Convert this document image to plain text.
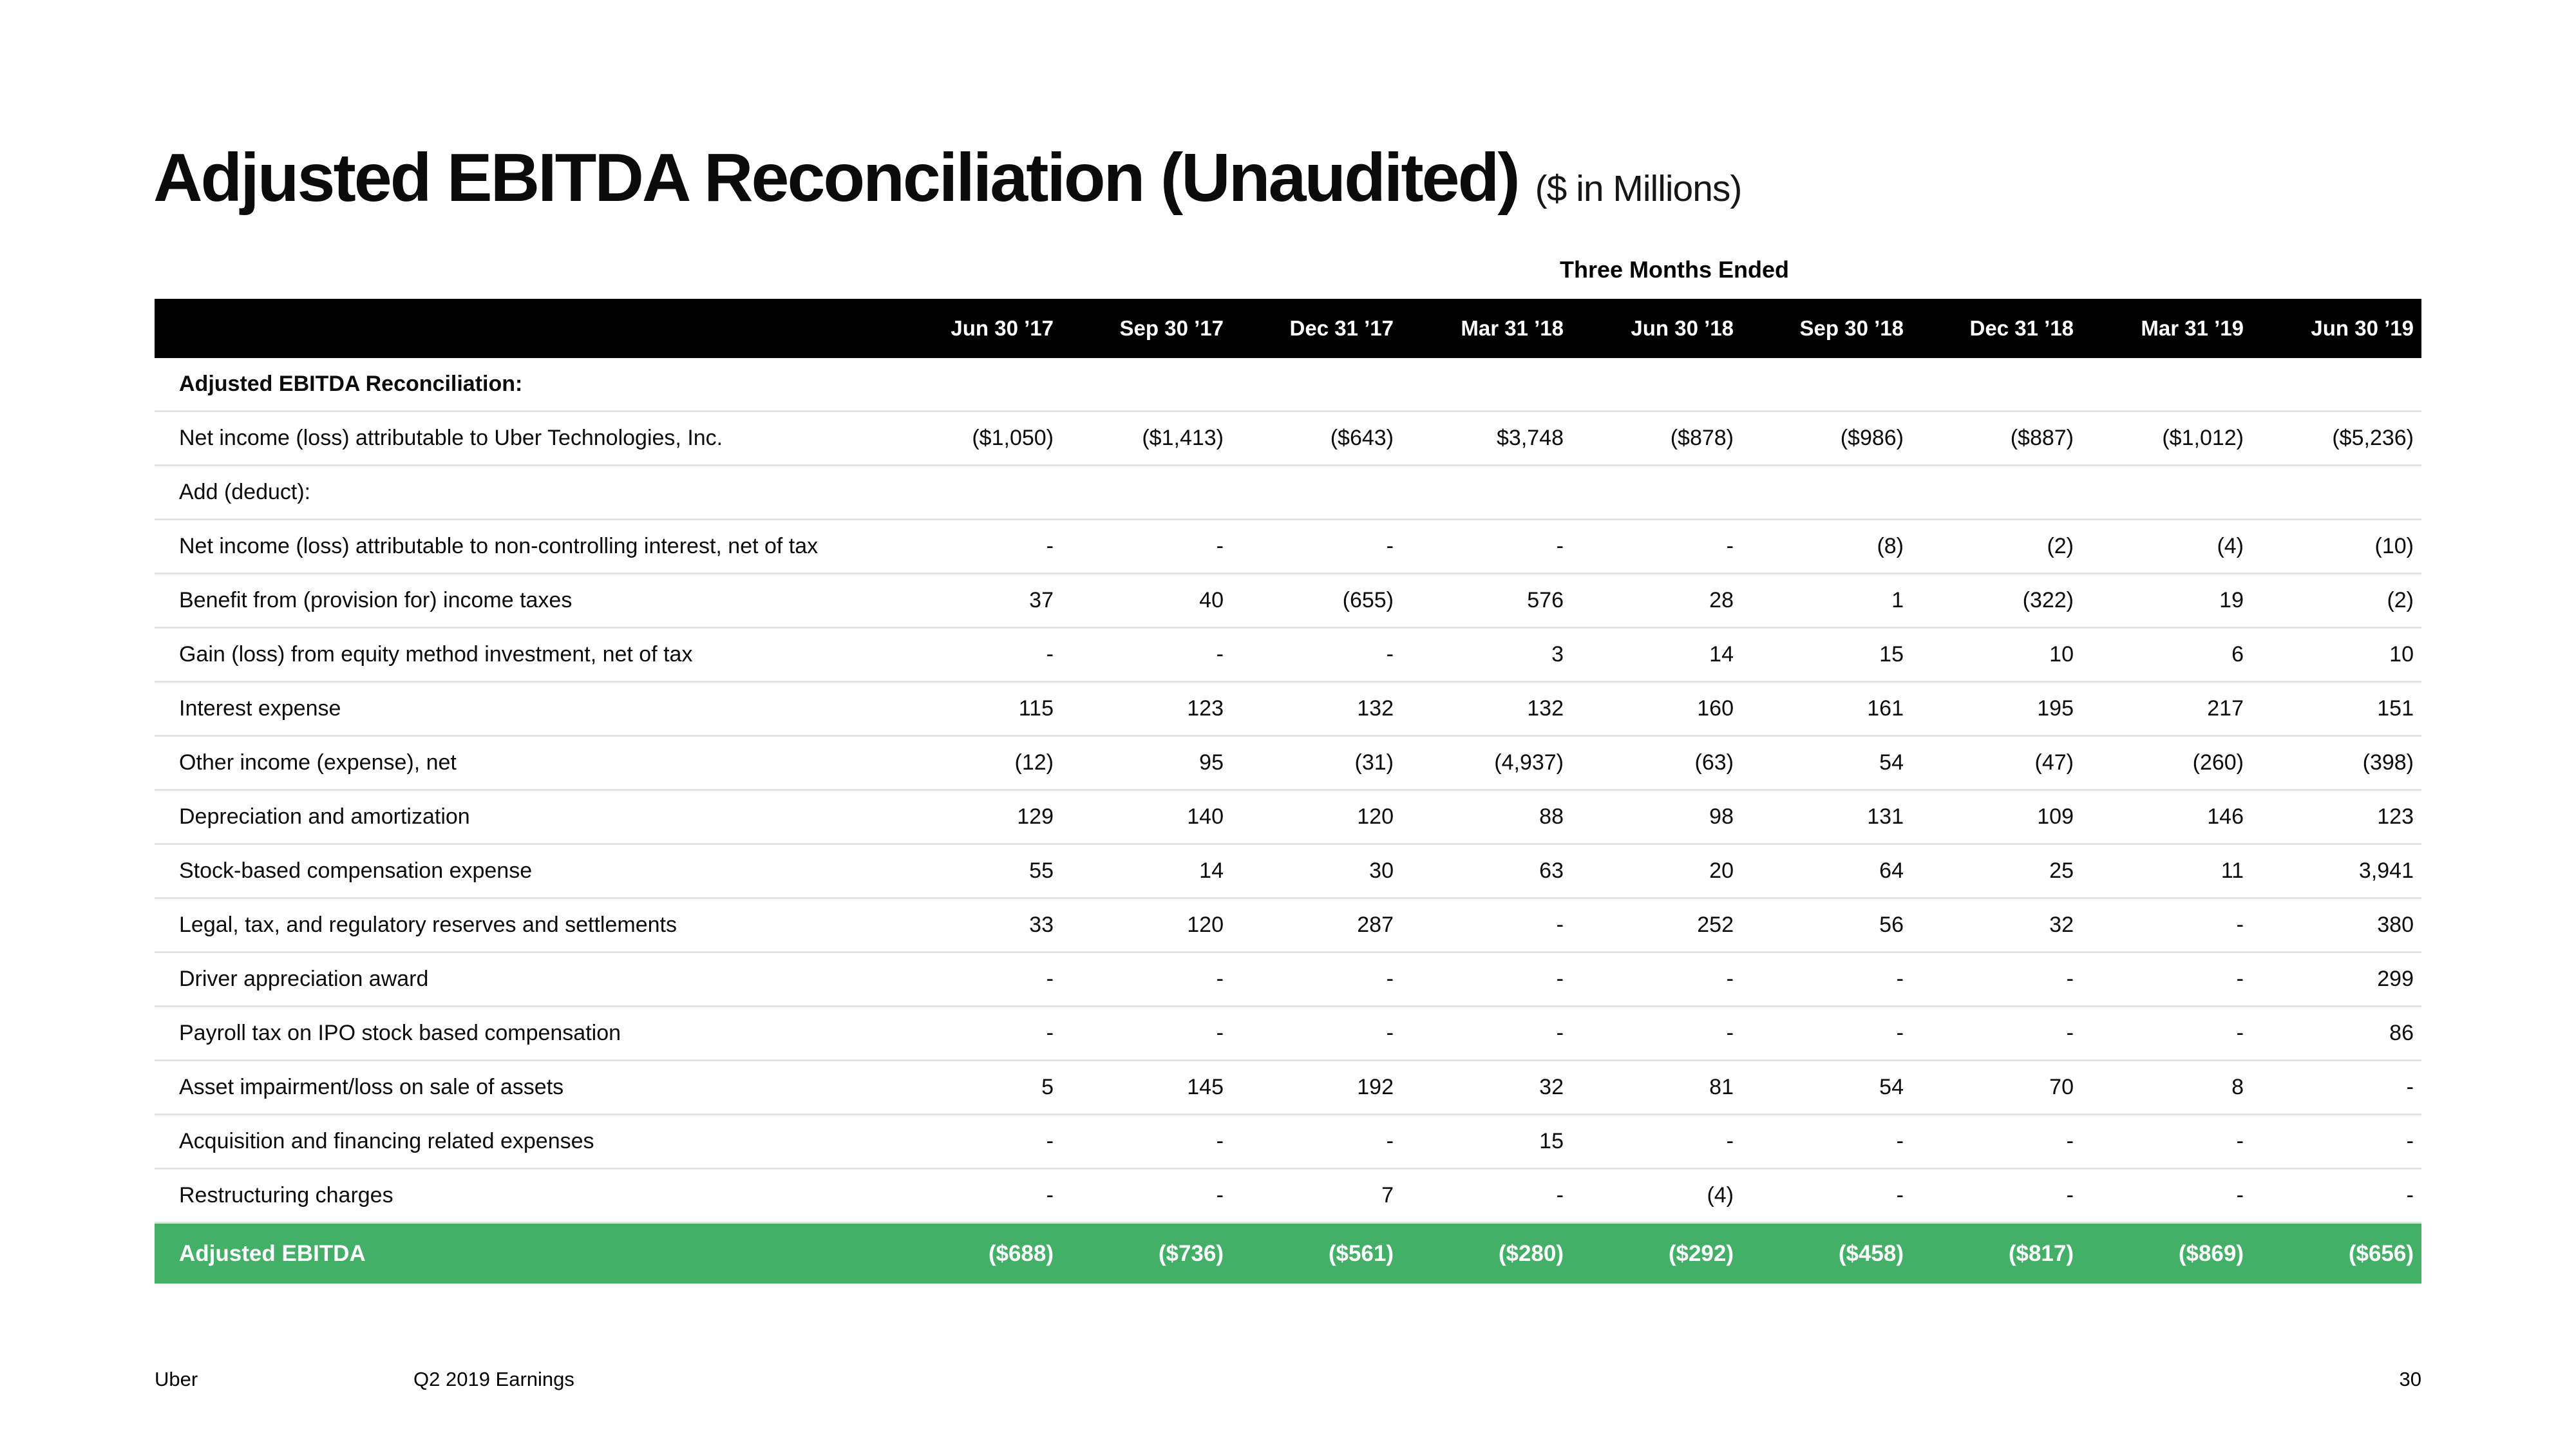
Adjusted EBITDA Reconciliation (Unaudited) ($ in Millions)
Three Months Ended
Jun 30 ’17	Sep 30 ’17	Dec 31 ’17	Mar 31 ’18	Jun 30 ’18	Sep 30 ’18	Dec 31 ’18	Mar 31 ’19	Jun 30 ’19
Adjusted EBITDA Reconciliation:
Net income (loss) attributable to Uber Technologies, Inc.	($1,050)	($1,413)	($643)	$3,748	($878)	($986)	($887)	($1,012)	($5,236)
Add (deduct):
Net income (loss) attributable to non-controlling interest, net of tax	-	-	-	-	-	(8)	(2)	(4)	(10)
Benefit from (provision for) income taxes	37	40	(655)	576	28	1	(322)	19	(2)
Gain (loss) from equity method investment, net of tax	-	-	-	3	14	15	10	6	10
Interest expense	115	123	132	132	160	161	195	217	151
Other income (expense), net	(12)	95	(31)	(4,937)	(63)	54	(47)	(260)	(398)
Depreciation and amortization	129	140	120	88	98	131	109	146	123
Stock-based compensation expense	55	14	30	63	20	64	25	11	3,941
Legal, tax, and regulatory reserves and settlements	33	120	287	-	252	56	32	-	380
Driver appreciation award	-	-	-	-	-	-	-	-	299
Payroll tax on IPO stock based compensation	-	-	-	-	-	-	-	-	86
Asset impairment/loss on sale of assets	5	145	192	32	81	54	70	8	-
Acquisition and financing related expenses	-	-	-	15	-	-	-	-	-
Restructuring charges	-	-	7	-	(4)	-	-	-	-
Adjusted EBITDA	($688)	($736)	($561)	($280)	($292)	($458)	($817)	($869)	($656)
Uber	Q2 2019 Earnings	30
